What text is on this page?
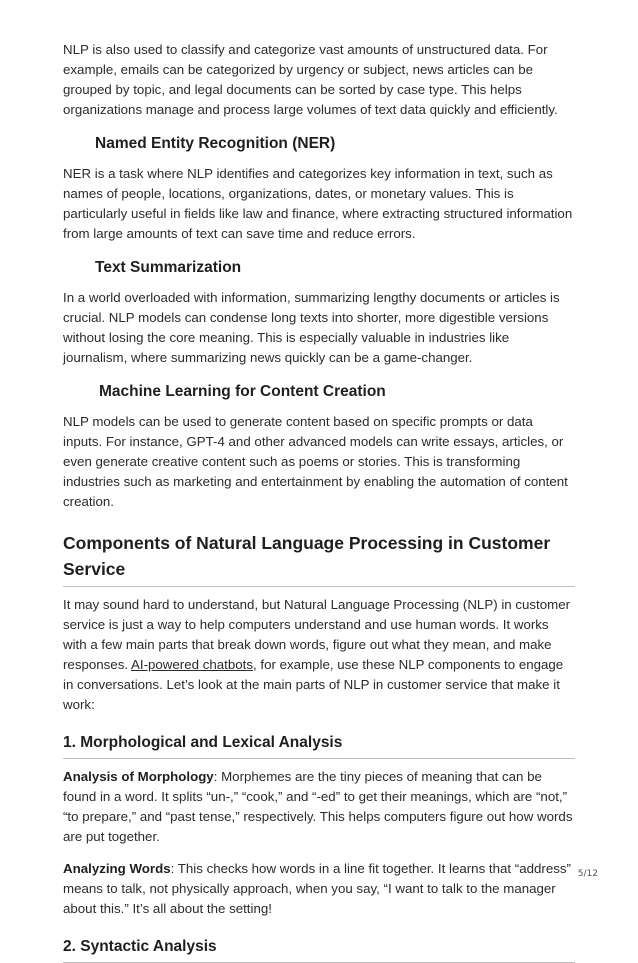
NLP is also used to classify and categorize vast amounts of unstructured data. For example, emails can be categorized by urgency or subject, news articles can be grouped by topic, and legal documents can be sorted by case type. This helps organizations manage and process large volumes of text data quickly and efficiently.

Named Entity Recognition (NER)

NER is a task where NLP identifies and categorizes key information in text, such as names of people, locations, organizations, dates, or monetary values. This is particularly useful in fields like law and finance, where extracting structured information from large amounts of text can save time and reduce errors.

Text Summarization

In a world overloaded with information, summarizing lengthy documents or articles is crucial. NLP models can condense long texts into shorter, more digestible versions without losing the core meaning. This is especially valuable in industries like journalism, where summarizing news quickly can be a game-changer.

Machine Learning for Content Creation

NLP models can be used to generate content based on specific prompts or data inputs. For instance, GPT-4 and other advanced models can write essays, articles, or even generate creative content such as poems or stories. This is transforming industries such as marketing and entertainment by enabling the automation of content creation.

Components of Natural Language Processing in Customer Service

It may sound hard to understand, but Natural Language Processing (NLP) in customer service is just a way to help computers understand and use human words. It works with a few main parts that break down words, figure out what they mean, and make responses. AI-powered chatbots, for example, use these NLP components to engage in conversations. Let’s look at the main parts of NLP in customer service that make it work:

1. Morphological and Lexical Analysis

Analysis of Morphology: Morphemes are the tiny pieces of meaning that can be found in a word. It splits “un-,” “cook,” and “-ed” to get their meanings, which are “not,” “to prepare,” and “past tense,” respectively. This helps computers figure out how words are put together.

Analyzing Words: This checks how words in a line fit together. It learns that “address” means to talk, not physically approach, when you say, “I want to talk to the manager about this.” It’s all about the setting!

2. Syntactic Analysis
5/12
